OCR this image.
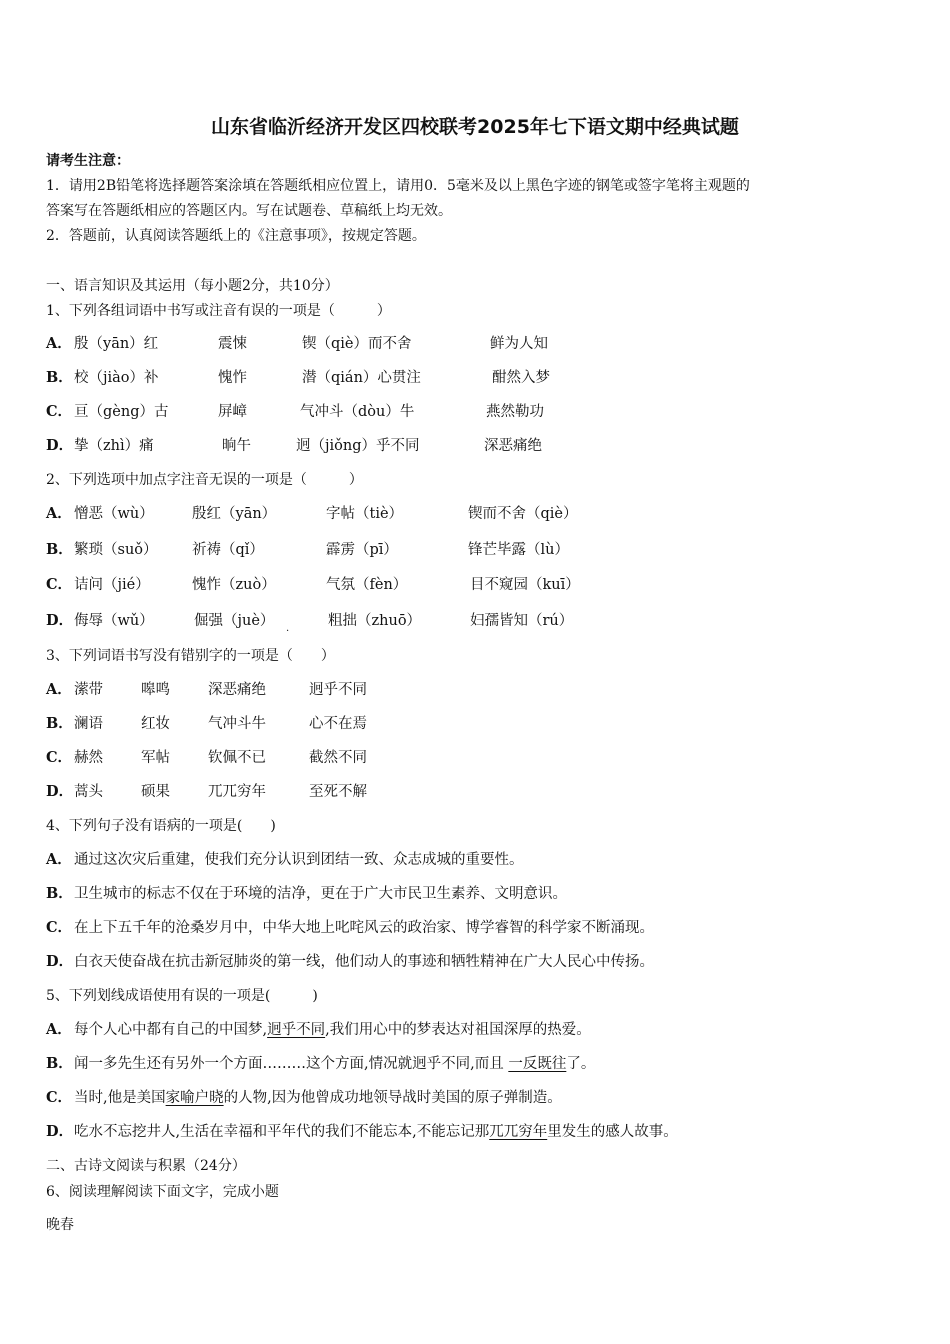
山东省临沂经济开发区四校联考2025年七下语文期中经典试题
请考生注意：
1．请用2B铅笔将选择题答案涂填在答题纸相应位置上，请用0．5毫米及以上黑色字迹的钢笔或签字笔将主观题的
答案写在答题纸相应的答题区内。写在试题卷、草稿纸上均无效。
2．答题前，认真阅读答题纸上的《注意事项》，按规定答题。
一、语言知识及其运用（每小题2分，共10分）
1、下列各组词语中书写或注音有误的一项是（　　　）
A． 殷（yān）红	震悚	锲（qiè）而不舍	鲜为人知
B．校（jiào）补	愧怍	潜（qián）心贯注	酣然入梦
C． 亘（gèng）古	屏嶂	气冲斗（dòu）牛	燕然勒功
D．挚（zhì）痛	晌午	迥（jiǒng）乎不同	深恶痛绝
2、下列选项中加点字注音无误的一项是（　　　）
A． 憎恶（wù）	殷红（yān）	字帖（tiè）	锲而不舍（qiè）
B．繁琐（suǒ） 祈祷（qǐ）	霹雳（pī）	锋芒毕露（lù）
C． 诘问（jié）	愧怍（zuò）	气氛（fèn）	目不窥园（kuī）
D．侮辱（wǔ）	倔强（juè） .	粗拙（zhuō）	妇孺皆知（rú）
3、下列词语书写没有错别字的一项是（　　）
A． 潆带	嗥鸣	深恶痛绝	迥乎不同
B．澜语	红妆	气冲斗牛	心不在焉
C． 赫然	军帖	钦佩不已	截然不同
D．蒿头	硕果	兀兀穷年	至死不解
4、下列句子没有语病的一项是(　　)
A． 通过这次灾后重建，使我们充分认识到团结一致、众志成城的重要性。
B．卫生城市的标志不仅在于环境的洁净，更在于广大市民卫生素养、文明意识。
C． 在上下五千年的沧桑岁月中，中华大地上叱咤风云的政治家、博学睿智的科学家不断涌现。
D．白衣天使奋战在抗击新冠肺炎的第一线，他们动人的事迹和牺牲精神在广大人民心中传扬。
5、下列划线成语使用有误的一项是(　　　)
A． 每个人心中都有自己的中国梦,迥乎不同,我们用心中的梦表达对祖国深厚的热爱。
B．闻一多先生还有另外一个方面………这个方面,情况就迥乎不同,而且 一反既往了。
C． 当时,他是美国家喻户晓的人物,因为他曾成功地领导战时美国的原子弹制造。
D．吃水不忘挖井人,生活在幸福和平年代的我们不能忘本,不能忘记那兀兀穷年里发生的感人故事。
二、古诗文阅读与积累（24分）
6、阅读理解阅读下面文字，完成小题
晚春
